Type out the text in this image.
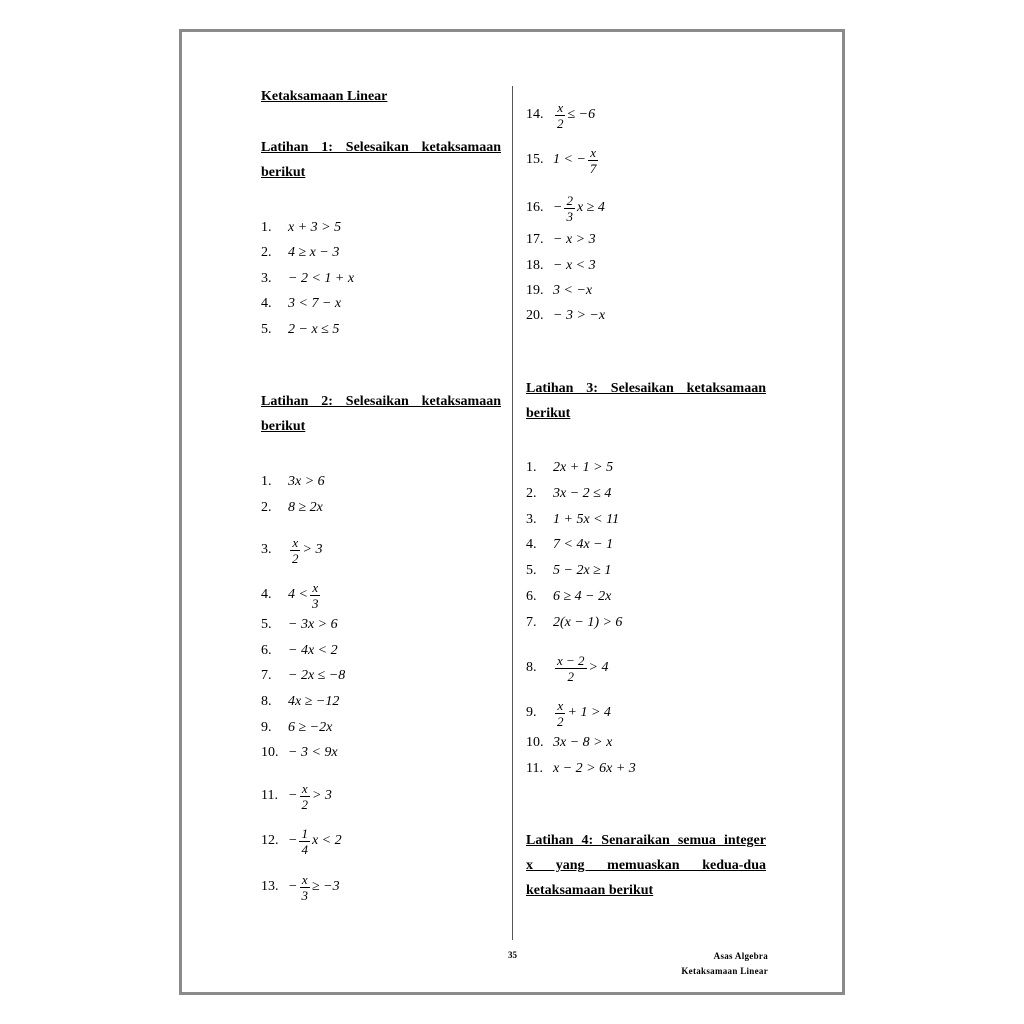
Ketaksamaan Linear
Latihan 1: Selesaikan ketaksamaan
berikut
1.	x + 3 > 5
2.	4 ≥ x − 3
3.	− 2 < 1 + x
4.	3 < 7 − x
5.	2 − x ≤ 5
Latihan 2: Selesaikan ketaksamaan
berikut
1.	3x > 6
2.	8 ≥ 2x
3.	$\frac{x}{2} > 3$
4.	$4 < \frac{x}{3}$
5.	− 3x > 6
6.	− 4x < 2
7.	− 2x ≤ −8
8.	4x ≥ −12
9.	6 ≥ −2x
10. − 3 < 9x
11. − $\frac{x}{2} > 3$
12. − $\frac{1}{4}$ x < 2
13. − $\frac{x}{3} \ge -3$
14. $\frac{x}{2} \le -6$
15. 1 < − $\frac{x}{7}$
16. − $\frac{2}{3}$ x ≥ 4
17. − x > 3
18. − x < 3
19. 3 < −x
20. − 3 > −x
Latihan 3: Selesaikan ketaksamaan
berikut
1.	2x + 1 > 5
2.	3x − 2 ≤ 4
3.	1 + 5x < 11
4.	7 < 4x − 1
5.	5 − 2x ≥ 1
6.	6 ≥ 4 − 2x
7.	2(x − 1) > 6
8.	$\frac{x - 2}{2} > 4$
9.	$\frac{x}{2} + 1 > 4$
10. 3x − 8 > x
11. x − 2 > 6x + 3
Latihan 4: Senaraikan semua integer
x yang memuaskan kedua-dua
ketaksamaan berikut
35	Asas Algebra
Ketaksamaan Linear
